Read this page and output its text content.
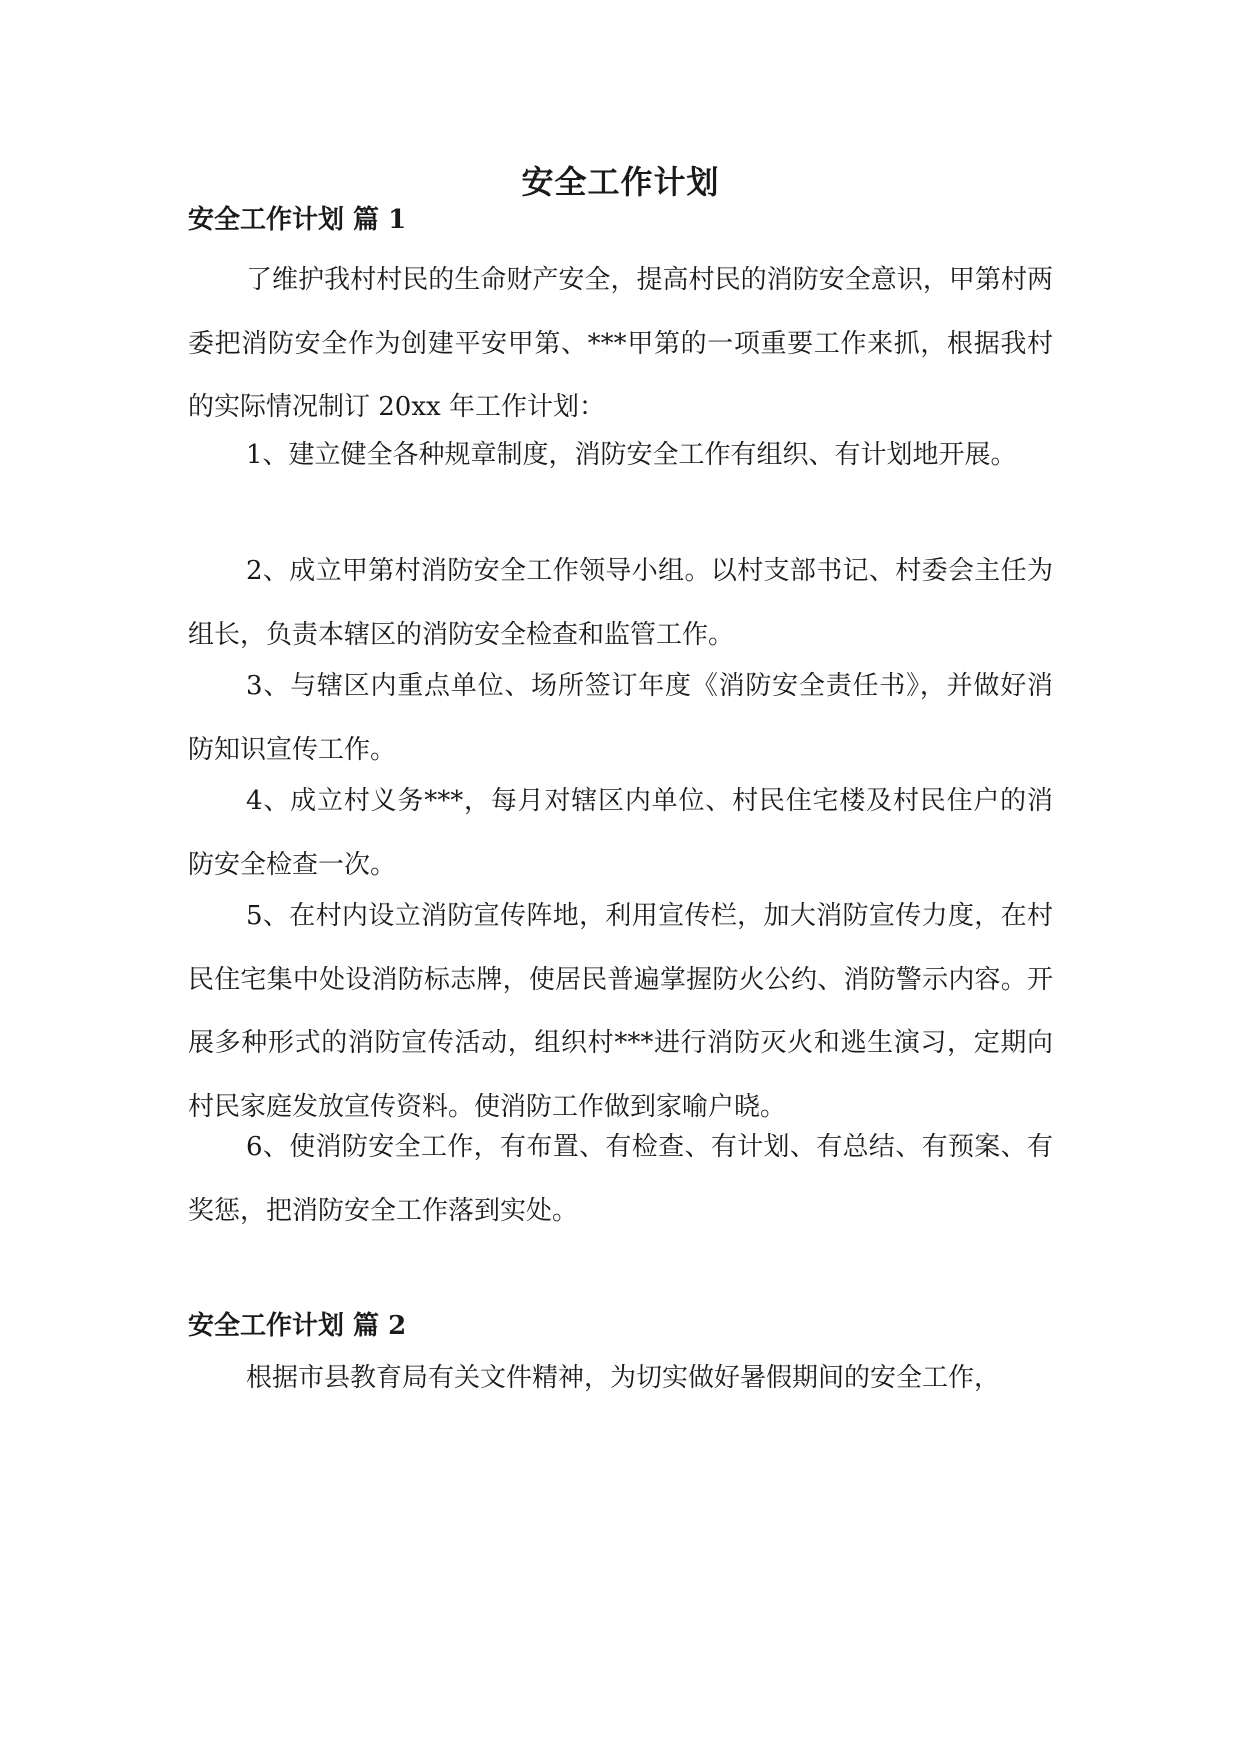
安全工作计划
安全工作计划 篇 1

了维护我村村民的生命财产安全，提高村民的消防安全意识，甲第村两委把消防安全作为创建平安甲第、***甲第的一项重要工作来抓，根据我村的实际情况制订 20xx 年工作计划：

1、建立健全各种规章制度，消防安全工作有组织、有计划地开展。

2、成立甲第村消防安全工作领导小组。以村支部书记、村委会主任为组长，负责本辖区的消防安全检查和监管工作。

3、与辖区内重点单位、场所签订年度《消防安全责任书》，并做好消防知识宣传工作。

4、成立村义务***，每月对辖区内单位、村民住宅楼及村民住户的消防安全检查一次。

5、在村内设立消防宣传阵地，利用宣传栏，加大消防宣传力度，在村民住宅集中处设消防标志牌，使居民普遍掌握防火公约、消防警示内容。开展多种形式的消防宣传活动，组织村***进行消防灭火和逃生演习，定期向村民家庭发放宣传资料。使消防工作做到家喻户晓。

6、使消防安全工作，有布置、有检查、有计划、有总结、有预案、有奖惩，把消防安全工作落到实处。

安全工作计划 篇 2

根据市县教育局有关文件精神，为切实做好暑假期间的安全工作，
